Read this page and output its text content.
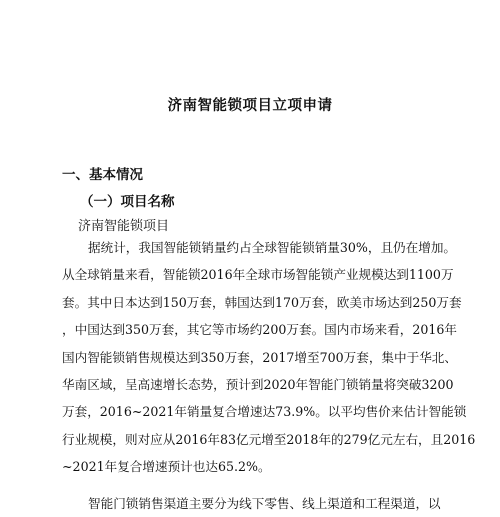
济南智能锁项目立项申请
一、基本情况
（一）项目名称
济南智能锁项目
据统计，我国智能锁销量约占全球智能锁销量30%，且仍在增加。
从全球销量来看，智能锁2016年全球市场智能锁产业规模达到1100万
套。其中日本达到150万套，韩国达到170万套，欧美市场达到250万套
，中国达到350万套，其它等市场约200万套。国内市场来看，2016年
国内智能锁销售规模达到350万套，2017增至700万套，集中于华北、
华南区域，呈高速增长态势，预计到2020年智能门锁销量将突破3200
万套，2016~2021年销量复合增速达73.9%。以平均售价来估计智能锁
行业规模，则对应从2016年83亿元增至2018年的279亿元左右，且2016
~2021年复合增速预计也达65.2%。
智能门锁销售渠道主要分为线下零售、线上渠道和工程渠道，以
